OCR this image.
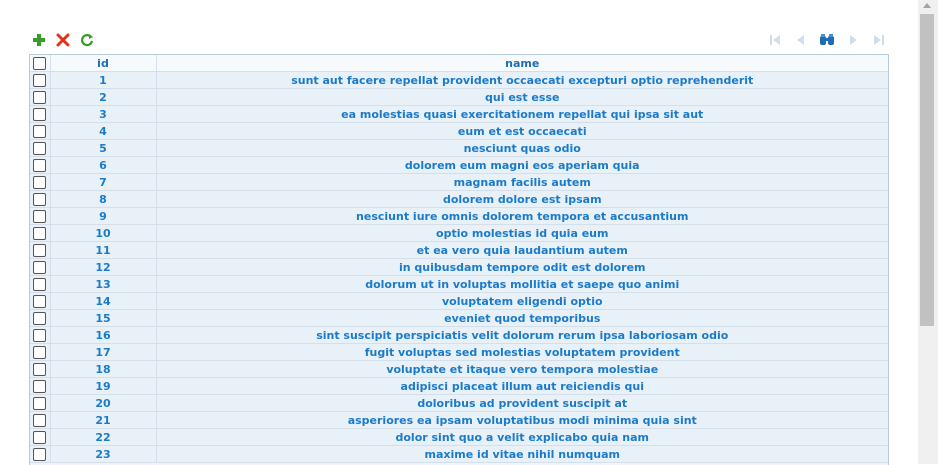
	id	name
	1	sunt aut facere repellat provident occaecati excepturi optio reprehenderit
	2	qui est esse
	3	ea molestias quasi exercitationem repellat qui ipsa sit aut
	4	eum et est occaecati
	5	nesciunt quas odio
	6	dolorem eum magni eos aperiam quia
	7	magnam facilis autem
	8	dolorem dolore est ipsam
	9	nesciunt iure omnis dolorem tempora et accusantium
	10	optio molestias id quia eum
	11	et ea vero quia laudantium autem
	12	in quibusdam tempore odit est dolorem
	13	dolorum ut in voluptas mollitia et saepe quo animi
	14	voluptatem eligendi optio
	15	eveniet quod temporibus
	16	sint suscipit perspiciatis velit dolorum rerum ipsa laboriosam odio
	17	fugit voluptas sed molestias voluptatem provident
	18	voluptate et itaque vero tempora molestiae
	19	adipisci placeat illum aut reiciendis qui
	20	doloribus ad provident suscipit at
	21	asperiores ea ipsam voluptatibus modi minima quia sint
	22	dolor sint quo a velit explicabo quia nam
	23	maxime id vitae nihil numquam
